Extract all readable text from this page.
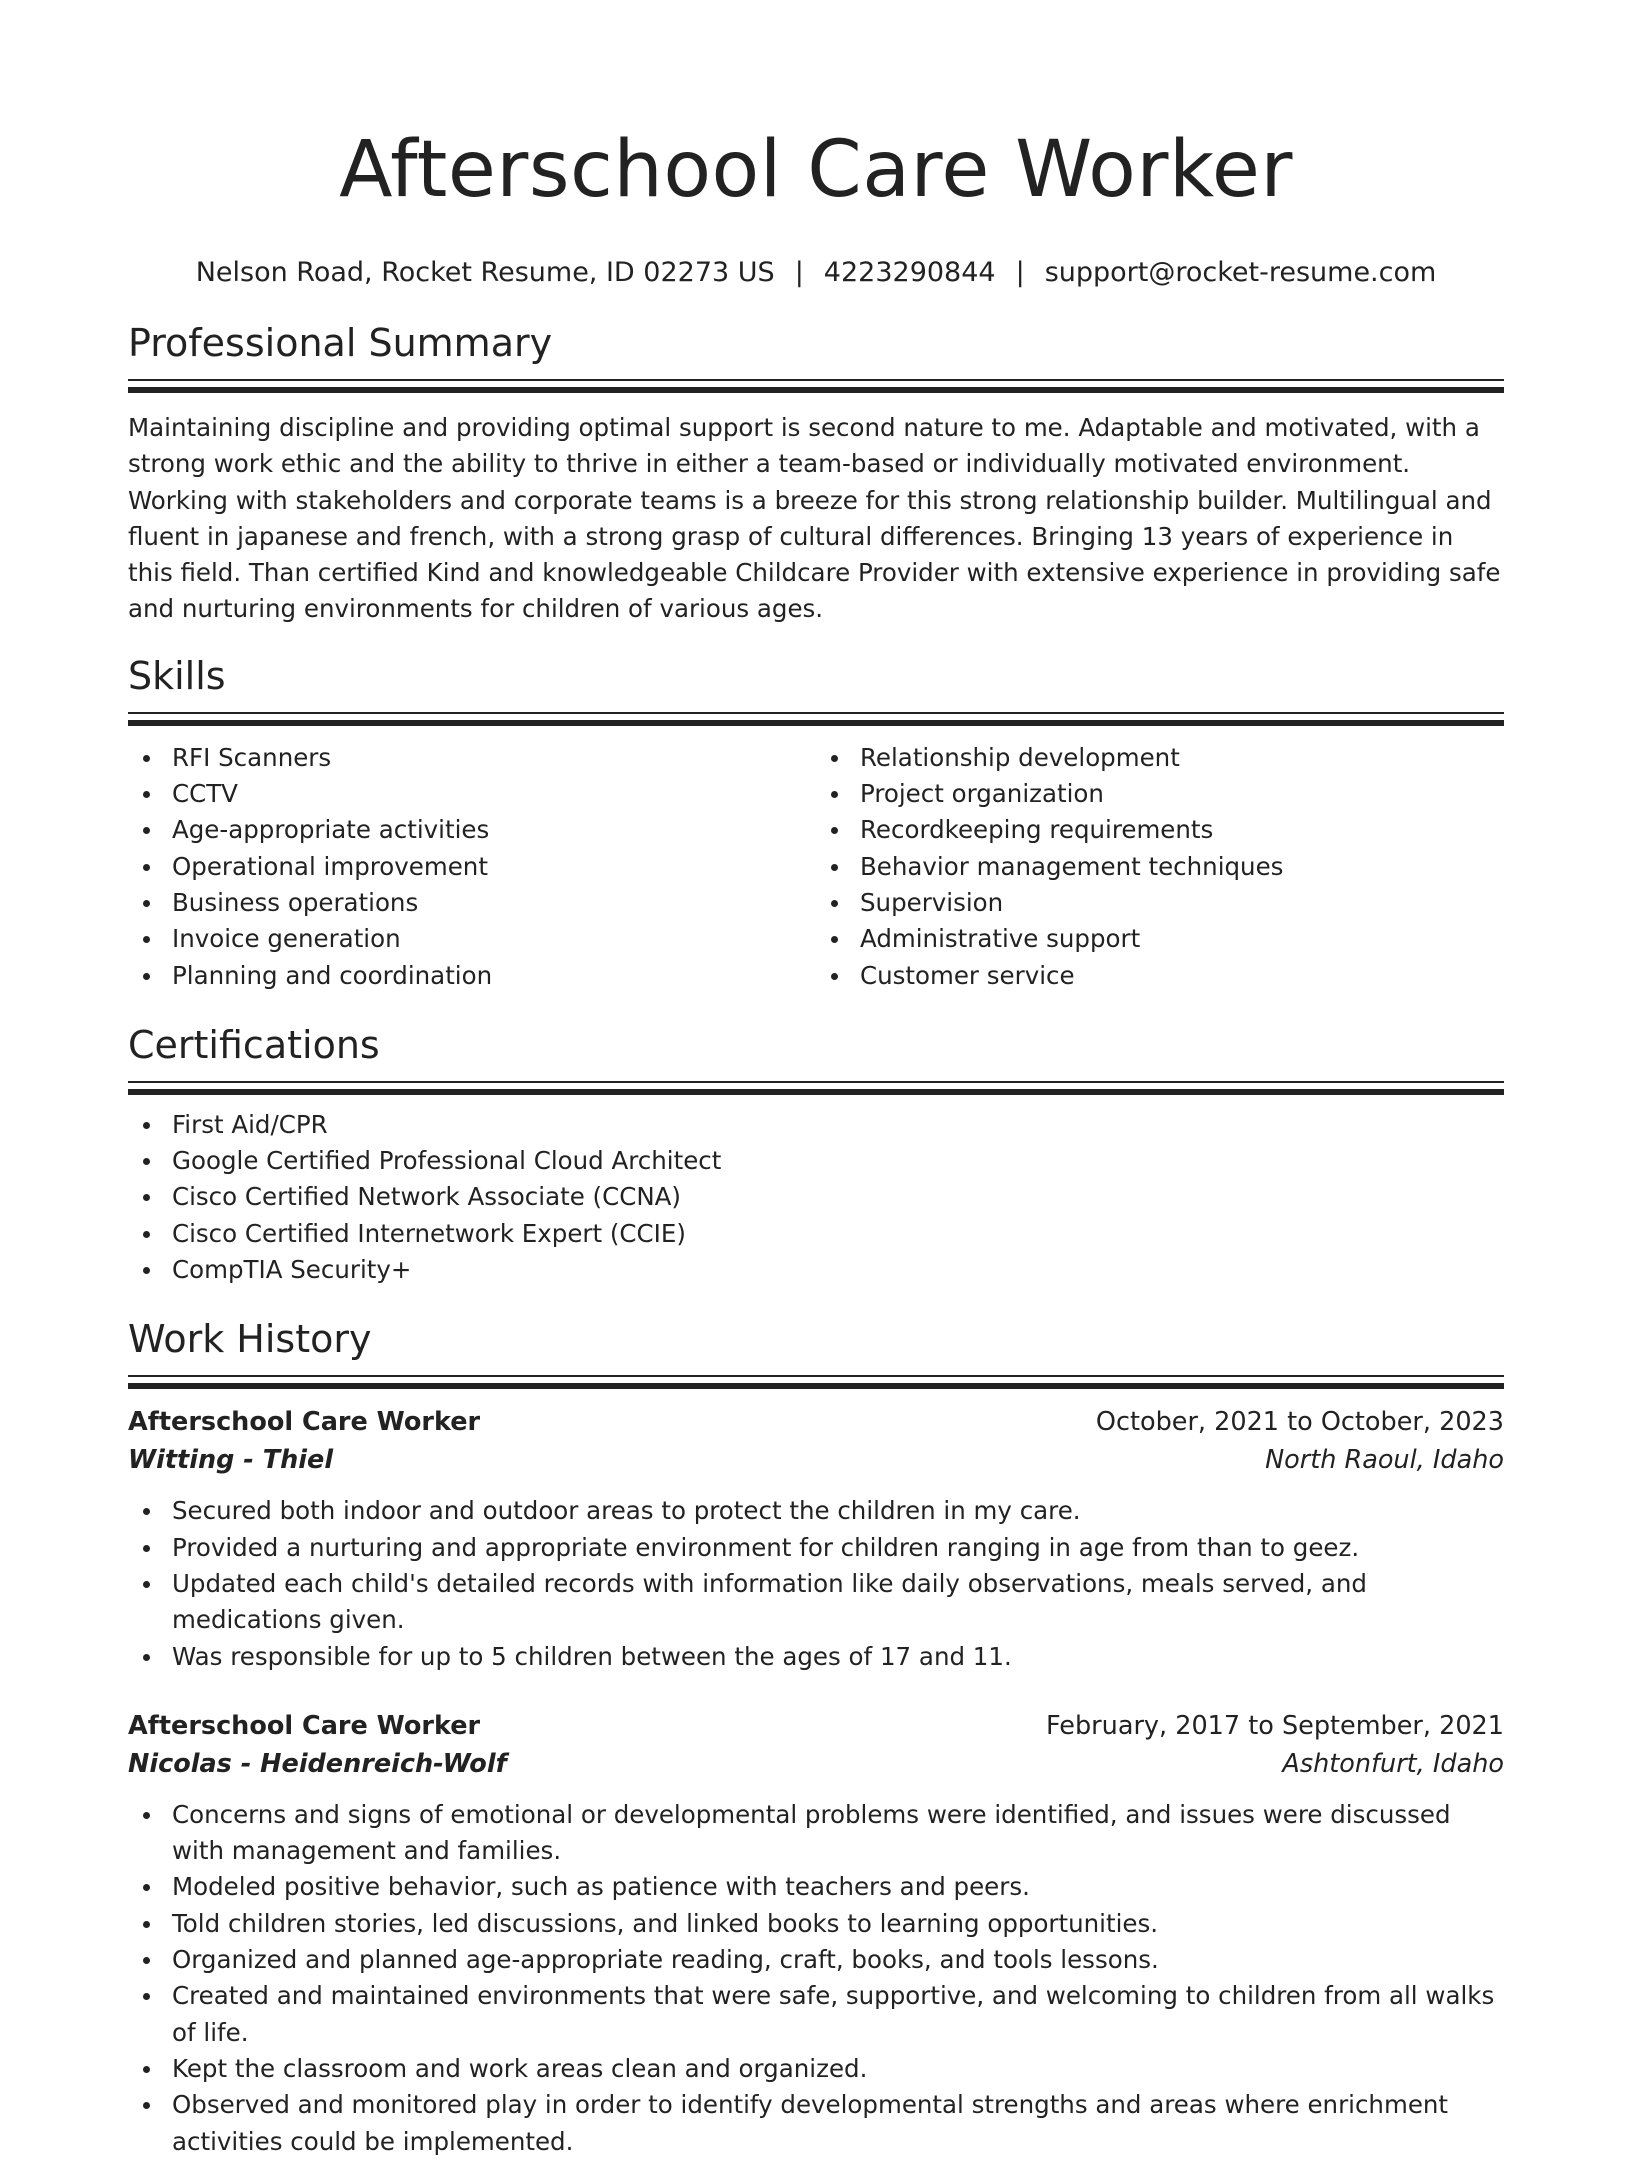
Afterschool Care Worker
Nelson Road, Rocket Resume, ID 02273 US | 4223290844 | support@rocket-resume.com
Professional Summary

Maintaining discipline and providing optimal support is second nature to me. Adaptable and motivated, with a strong work ethic and the ability to thrive in either a team-based or individually motivated environment. Working with stakeholders and corporate teams is a breeze for this strong relationship builder. Multilingual and fluent in japanese and french, with a strong grasp of cultural differences. Bringing 13 years of experience in this field. Than certified Kind and knowledgeable Childcare Provider with extensive experience in providing safe and nurturing environments for children of various ages.

Skills
RFI Scanners
CCTV
Age-appropriate activities
Operational improvement
Business operations
Invoice generation
Planning and coordination
Relationship development
Project organization
Recordkeeping requirements
Behavior management techniques
Supervision
Administrative support
Customer service
Certifications
First Aid/CPR
Google Certified Professional Cloud Architect
Cisco Certified Network Associate (CCNA)
Cisco Certified Internetwork Expert (CCIE)
CompTIA Security+
Work History
Afterschool Care Worker	October, 2021 to October, 2023
Witting - Thiel	North Raoul, Idaho
Secured both indoor and outdoor areas to protect the children in my care.
Provided a nurturing and appropriate environment for children ranging in age from than to geez.
Updated each child's detailed records with information like daily observations, meals served, and medications given.
Was responsible for up to 5 children between the ages of 17 and 11.
Afterschool Care Worker	February, 2017 to September, 2021
Nicolas - Heidenreich-Wolf	Ashtonfurt, Idaho
Concerns and signs of emotional or developmental problems were identified, and issues were discussed with management and families.
Modeled positive behavior, such as patience with teachers and peers.
Told children stories, led discussions, and linked books to learning opportunities.
Organized and planned age-appropriate reading, craft, books, and tools lessons.
Created and maintained environments that were safe, supportive, and welcoming to children from all walks of life.
Kept the classroom and work areas clean and organized.
Observed and monitored play in order to identify developmental strengths and areas where enrichment activities could be implemented.
